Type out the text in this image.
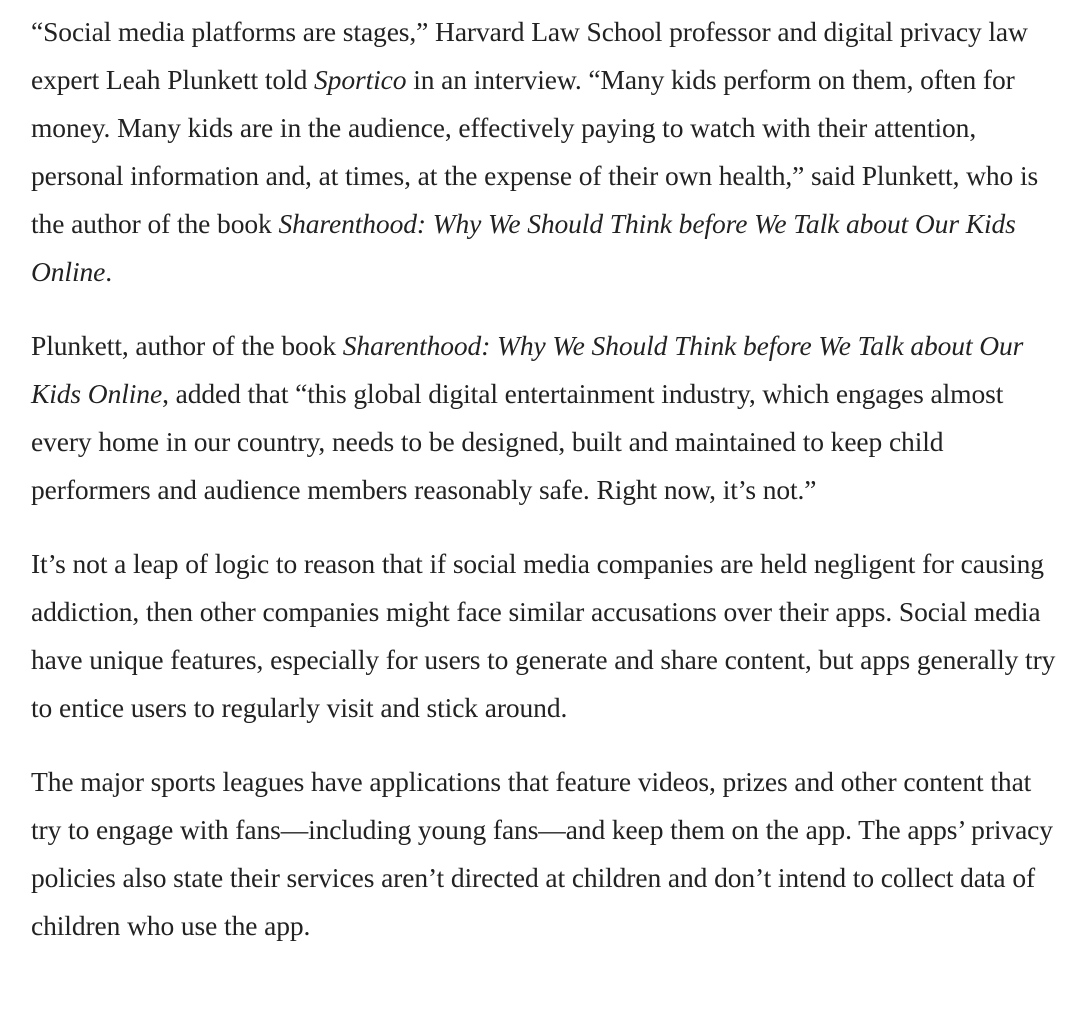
“Social media platforms are stages,” Harvard Law School professor and digital privacy law expert Leah Plunkett told Sportico in an interview. “Many kids perform on them, often for money. Many kids are in the audience, effectively paying to watch with their attention, personal information and, at times, at the expense of their own health,” said Plunkett, who is the author of the book Sharenthood: Why We Should Think before We Talk about Our Kids Online.

Plunkett, author of the book Sharenthood: Why We Should Think before We Talk about Our Kids Online, added that “this global digital entertainment industry, which engages almost every home in our country, needs to be designed, built and maintained to keep child performers and audience members reasonably safe. Right now, it’s not.”

It’s not a leap of logic to reason that if social media companies are held negligent for causing addiction, then other companies might face similar accusations over their apps. Social media have unique features, especially for users to generate and share content, but apps generally try to entice users to regularly visit and stick around.

The major sports leagues have applications that feature videos, prizes and other content that try to engage with fans—including young fans—and keep them on the app. The apps’ privacy policies also state their services aren’t directed at children and don’t intend to collect data of children who use the app.
